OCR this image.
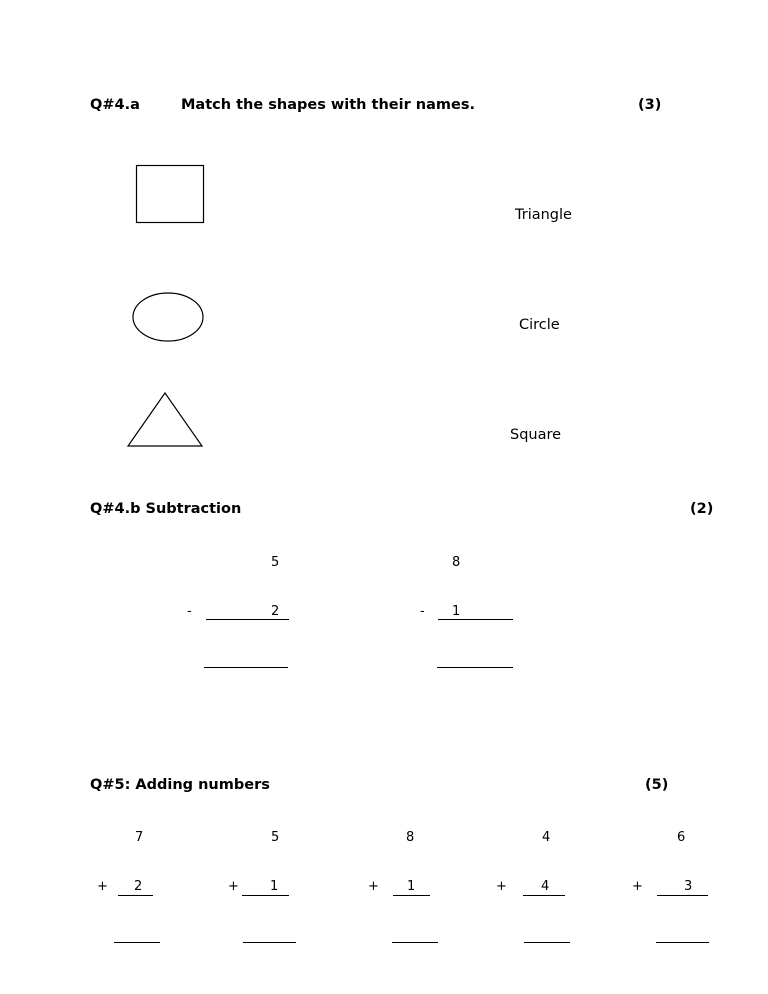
Q#4.a	Match the shapes with their names.	(3)
Triangle
Circle
Square
Q#4.b Subtraction	(2)
5
-	2
8
- 1
Q#5: Adding numbers	(5)
7
+ 2
5
+ 1
8
+ 1
4
+	4
6
+	3
